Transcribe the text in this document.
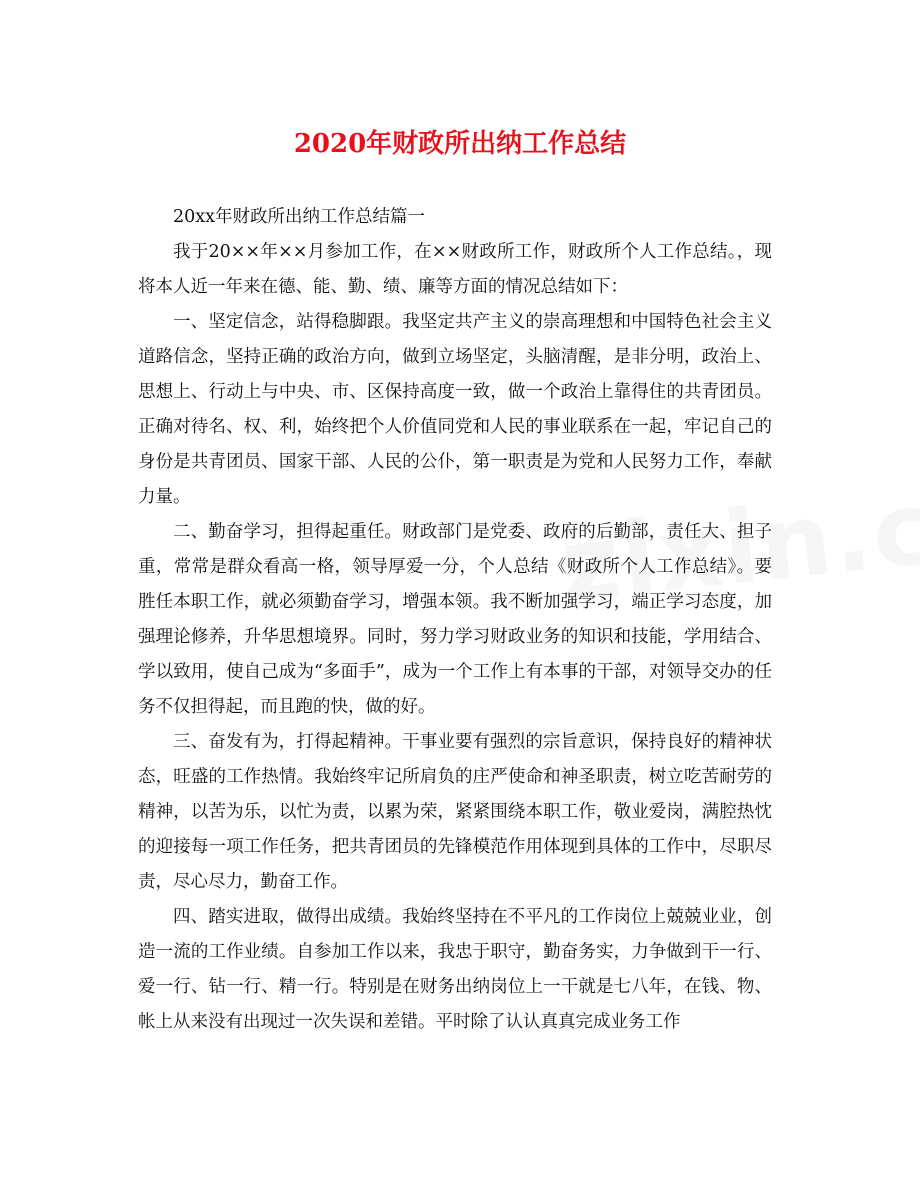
2020年财政所出纳工作总结

20xx年财政所出纳工作总结篇一

我于20××年××月参加工作，在××财政所工作，财政所个人工作总结。，现将本人近一年来在德、能、勤、绩、廉等方面的情况总结如下：

一、坚定信念，站得稳脚跟。我坚定共产主义的崇高理想和中国特色社会主义道路信念，坚持正确的政治方向，做到立场坚定，头脑清醒，是非分明，政治上、思想上、行动上与中央、市、区保持高度一致，做一个政治上靠得住的共青团员。正确对待名、权、利，始终把个人价值同党和人民的事业联系在一起，牢记自己的身份是共青团员、国家干部、人民的公仆，第一职责是为党和人民努力工作，奉献力量。

二、勤奋学习，担得起重任。财政部门是党委、政府的后勤部，责任大、担子重，常常是群众看高一格，领导厚爱一分，个人总结《财政所个人工作总结》。要胜任本职工作，就必须勤奋学习，增强本领。我不断加强学习，端正学习态度，加强理论修养，升华思想境界。同时，努力学习财政业务的知识和技能，学用结合、学以致用，使自己成为“多面手”，成为一个工作上有本事的干部，对领导交办的任务不仅担得起，而且跑的快，做的好。

三、奋发有为，打得起精神。干事业要有强烈的宗旨意识，保持良好的精神状态，旺盛的工作热情。我始终牢记所肩负的庄严使命和神圣职责，树立吃苦耐劳的精神，以苦为乐，以忙为责，以累为荣，紧紧围绕本职工作，敬业爱岗，满腔热忱的迎接每一项工作任务，把共青团员的先锋模范作用体现到具体的工作中，尽职尽责，尽心尽力，勤奋工作。

四、踏实进取，做得出成绩。我始终坚持在不平凡的工作岗位上兢兢业业，创造一流的工作业绩。自参加工作以来，我忠于职守，勤奋务实，力争做到干一行、爱一行、钻一行、精一行。特别是在财务出纳岗位上一干就是七八年，在钱、物、帐上从来没有出现过一次失误和差错。平时除了认认真真完成业务工作
